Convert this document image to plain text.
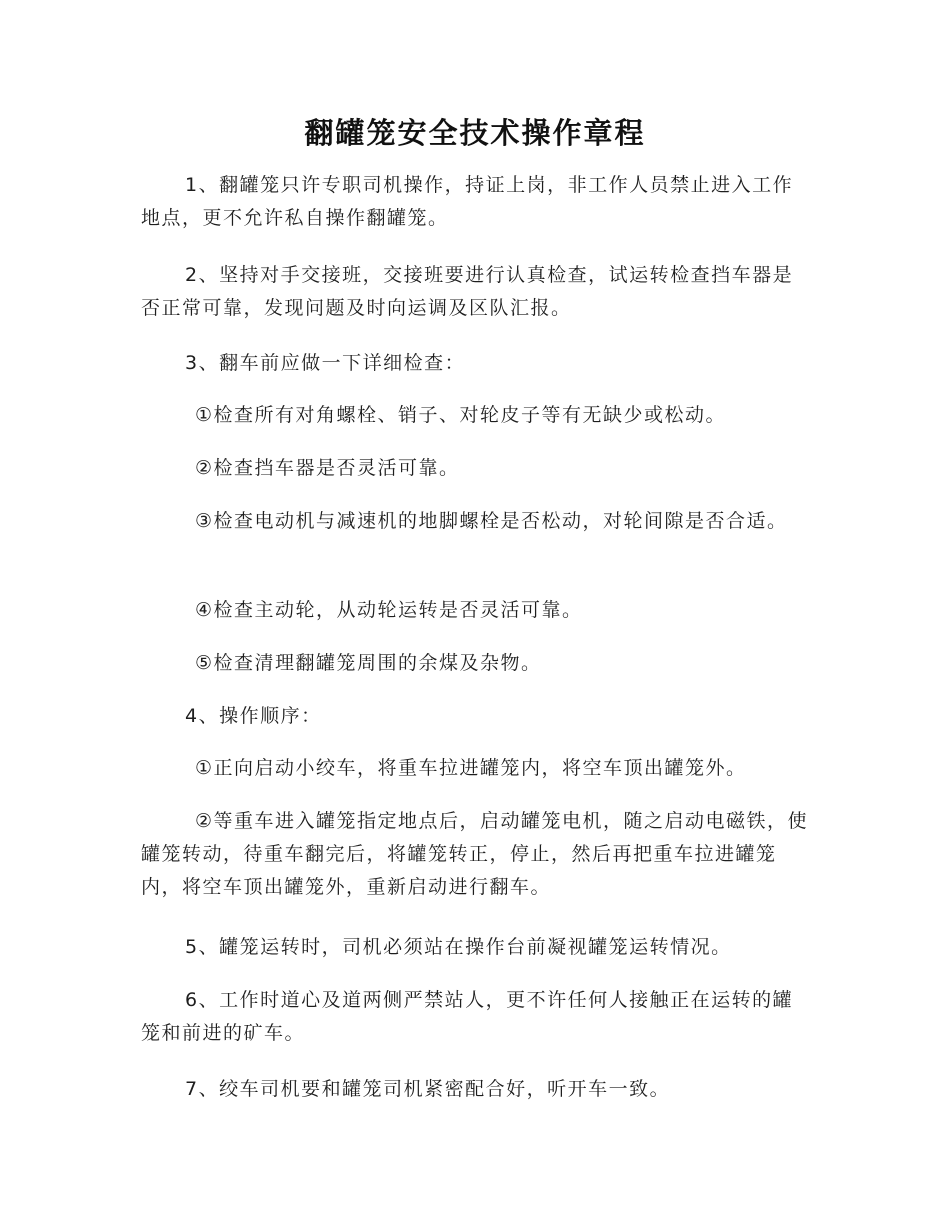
翻罐笼安全技术操作章程

1、翻罐笼只许专职司机操作，持证上岗，非工作人员禁止进入工作地点，更不允许私自操作翻罐笼。

2、坚持对手交接班，交接班要进行认真检查，试运转检查挡车器是否正常可靠，发现问题及时向运调及区队汇报。

3、翻车前应做一下详细检查：

①检查所有对角螺栓、销子、对轮皮子等有无缺少或松动。

②检查挡车器是否灵活可靠。

③检查电动机与减速机的地脚螺栓是否松动，对轮间隙是否合适。

④检查主动轮，从动轮运转是否灵活可靠。

⑤检查清理翻罐笼周围的余煤及杂物。

4、操作顺序：

①正向启动小绞车，将重车拉进罐笼内，将空车顶出罐笼外。

②等重车进入罐笼指定地点后，启动罐笼电机，随之启动电磁铁，使罐笼转动，待重车翻完后，将罐笼转正，停止，然后再把重车拉进罐笼内，将空车顶出罐笼外，重新启动进行翻车。

5、罐笼运转时，司机必须站在操作台前凝视罐笼运转情况。

6、工作时道心及道两侧严禁站人，更不许任何人接触正在运转的罐笼和前进的矿车。

7、绞车司机要和罐笼司机紧密配合好，听开车一致。
